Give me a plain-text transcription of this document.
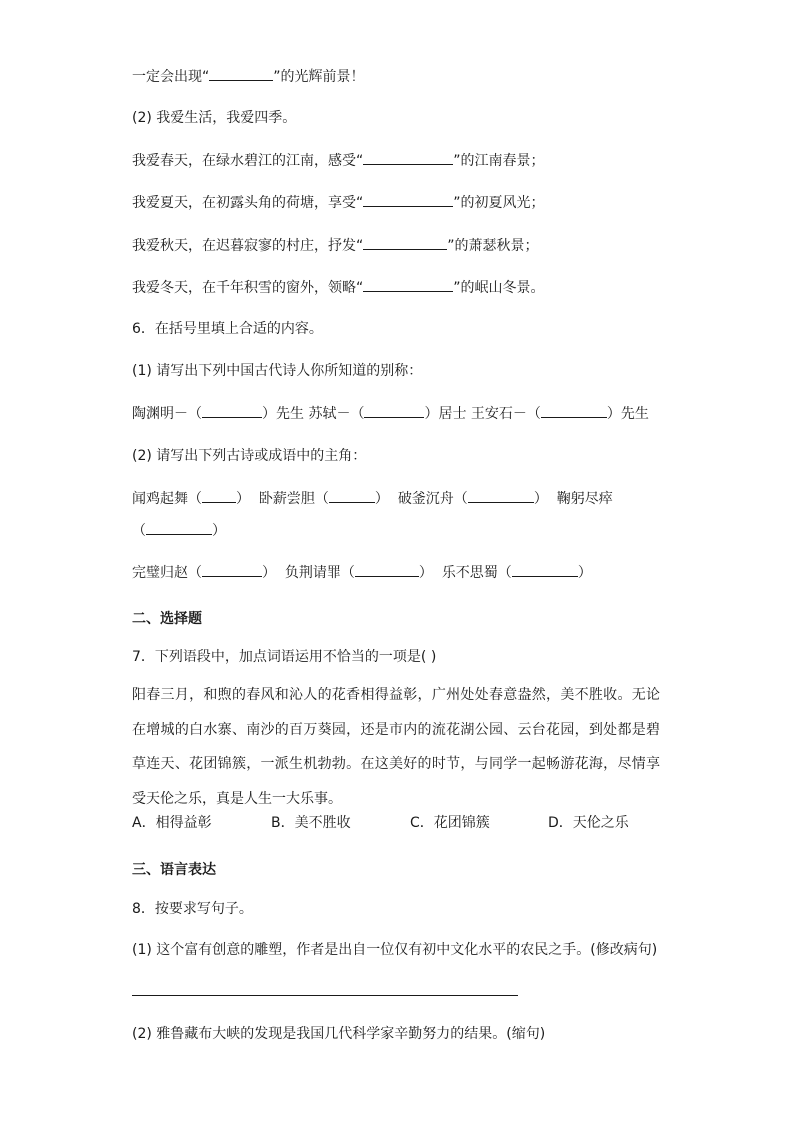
一定会出现“	”的光辉前景！
(2) 我爱生活，我爱四季。
我爱春天，在绿水碧江的江南，感受“	”的江南春景；
我爱夏天，在初露头角的荷塘，享受“	”的初夏风光；
我爱秋天，在迟暮寂寥的村庄，抒发“	”的萧瑟秋景；
我爱冬天，在千年积雪的窗外，领略“	”的岷山冬景。
6．在括号里填上合适的内容。
(1) 请写出下列中国古代诗人你所知道的别称：
陶渊明－（	）先生 苏轼－（	）居士 王安石－（	）先生
(2) 请写出下列古诗或成语中的主角：
闻鸡起舞（ ） 卧薪尝胆（	） 破釜沉舟（	） 鞠躬尽瘁
（	）
完璧归赵（	） 负荆请罪（	） 乐不思蜀（	）
二、选择题
7．下列语段中，加点词语运用不恰当的一项是( )
阳春三月，和煦的春风和沁人的花香相得益彰，广州处处春意盎然，美不胜收。无论在增城的白水寨、南沙的百万葵园，还是市内的流花湖公园、云台花园，到处都是碧草连天、花团锦簇，一派生机勃勃。在这美好的时节，与同学一起畅游花海，尽情享受天伦之乐，真是人生一大乐事。
A．相得益彰	B．美不胜收	C．花团锦簇	D．天伦之乐
三、语言表达
8．按要求写句子。
(1) 这个富有创意的雕塑，作者是出自一位仅有初中文化水平的农民之手。(修改病句)
(2) 雅鲁藏布大峡的发现是我国几代科学家辛勤努力的结果。(缩句)
